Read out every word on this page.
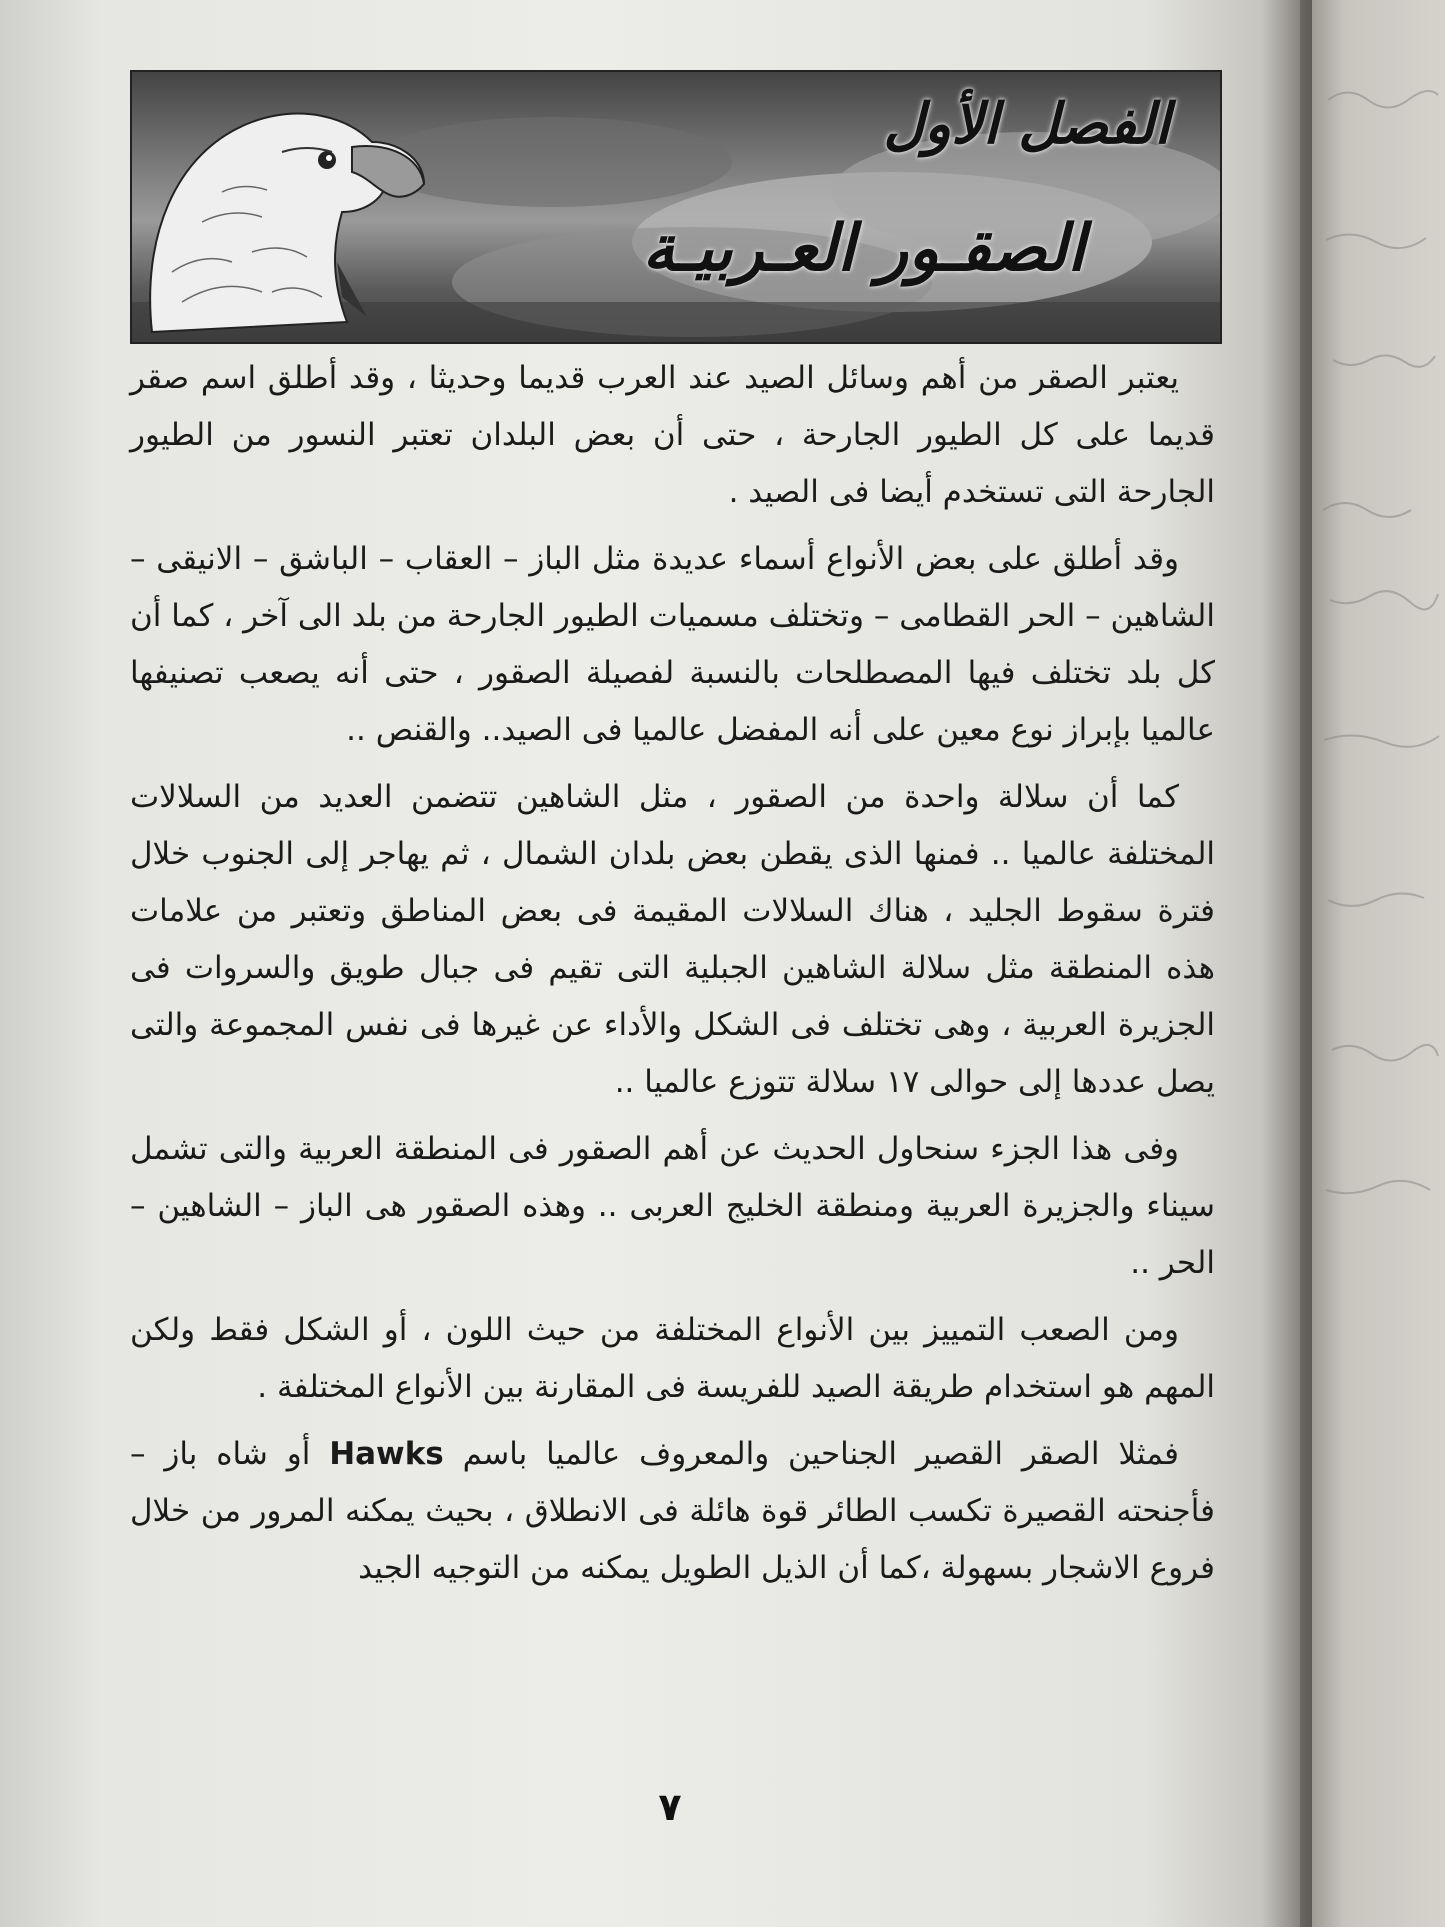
الفصل الأول
الصقـور العـربيـة

يعتبر الصقر من أهم وسائل الصيد عند العرب قديما وحديثا ، وقد أطلق اسم صقر قديما على كل الطيور الجارحة ، حتى أن بعض البلدان تعتبر النسور من الطيور الجارحة التى تستخدم أيضا فى الصيد .

وقد أطلق على بعض الأنواع أسماء عديدة مثل الباز – العقاب – الباشق – الانيقى – الشاهين – الحر القطامى – وتختلف مسميات الطيور الجارحة من بلد الى آخر ، كما أن كل بلد تختلف فيها المصطلحات بالنسبة لفصيلة الصقور ، حتى أنه يصعب تصنيفها عالميا بإبراز نوع معين على أنه المفضل عالميا فى الصيد.. والقنص ..

كما أن سلالة واحدة من الصقور ، مثل الشاهين تتضمن العديد من السلالات المختلفة عالميا .. فمنها الذى يقطن بعض بلدان الشمال ، ثم يهاجر إلى الجنوب خلال فترة سقوط الجليد ، هناك السلالات المقيمة فى بعض المناطق وتعتبر من علامات هذه المنطقة مثل سلالة الشاهين الجبلية التى تقيم فى جبال طويق والسروات فى الجزيرة العربية ، وهى تختلف فى الشكل والأداء عن غيرها فى نفس المجموعة والتى يصل عددها إلى حوالى ١٧ سلالة تتوزع عالميا ..

وفى هذا الجزء سنحاول الحديث عن أهم الصقور فى المنطقة العربية والتى تشمل سيناء والجزيرة العربية ومنطقة الخليج العربى .. وهذه الصقور هى الباز – الشاهين – الحر ..

ومن الصعب التمييز بين الأنواع المختلفة من حيث اللون ، أو الشكل فقط ولكن المهم هو استخدام طريقة الصيد للفريسة فى المقارنة بين الأنواع المختلفة .

فمثلا الصقر القصير الجناحين والمعروف عالميا باسم Hawks أو شاه باز – فأجنحته القصيرة تكسب الطائر قوة هائلة فى الانطلاق ، بحيث يمكنه المرور من خلال فروع الاشجار بسهولة ،كما أن الذيل الطويل يمكنه من التوجيه الجيد

٧
